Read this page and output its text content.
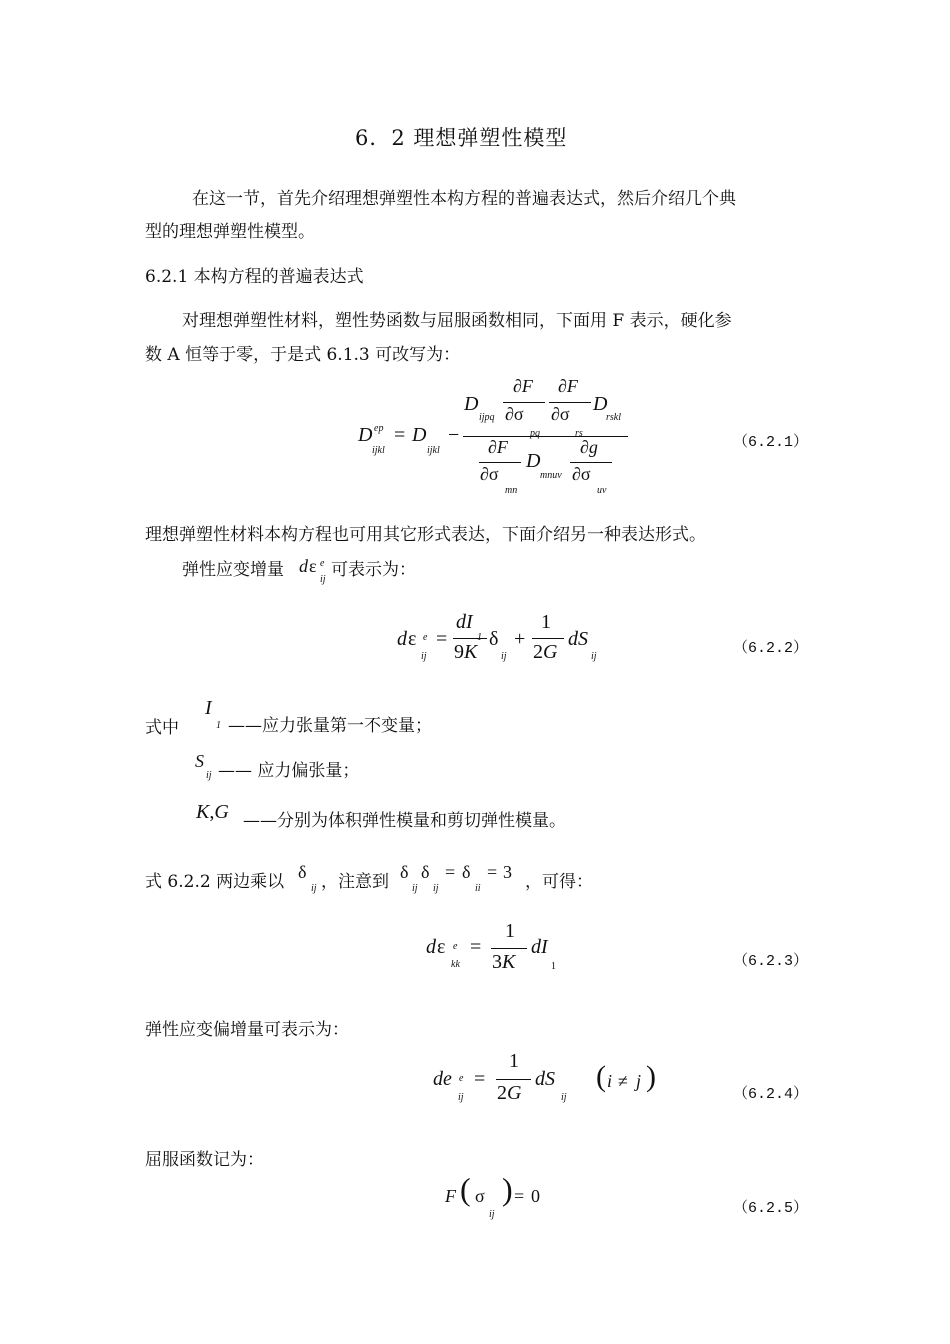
6．2 理想弹塑性模型
在这一节，首先介绍理想弹塑性本构方程的普遍表达式，然后介绍几个典
型的理想弹塑性模型。
6.2.1 本构方程的普遍表达式
对理想弹塑性材料，塑性势函数与屈服函数相同，下面用 F 表示，硬化参
数 A 恒等于零，于是式 6.1.3 可改写为：
D ep
ijkl
= D
ijkl
−
D
ijpq
∂F
∂σ
pq
∂F
∂σ
rs
D
rskl
∂F
∂σ
mn
D
mnuv
∂g
∂σ
uv
（6.2.1）
理想弹塑性材料本构方程也可用其它形式表达，下面介绍另一种表达形式。
弹性应变增量 d ε e
ij 可表示为：
d ε e
ij
=
dI
1
9K
δ
ij
+
1
2G
dS
ij	（6.2.2）
式中
I
1 ——应力张量第一不变量；
S
ij —— 应力偏张量；
K,G ——分别为体积弹性模量和剪切弹性模量。
式 6.2.2 两边乘以 δ
ij ，注意到 δ
ij
δ
ij
= δ
ii
= 3 ，可得：
d ε e
kk
=
1
3K
dI
1	（6.2.3）
弹性应变偏增量可表示为：
de e
ij
=
1
2G
dS
ij
( i ≠ j )
（6.2.4）
屈服函数记为：
F ( σ
ij
) = 0
（6.2.5）
